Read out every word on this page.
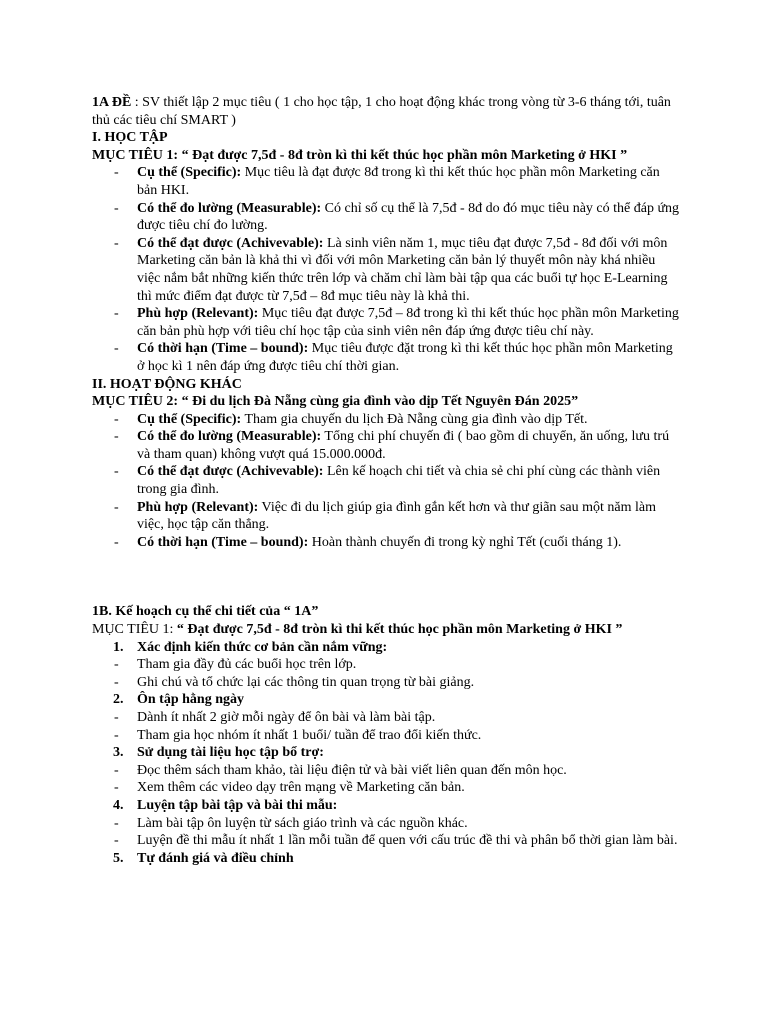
1A ĐỀ : SV thiết lập 2 mục tiêu ( 1 cho học tập, 1 cho hoạt động khác trong vòng từ 3-6 tháng tới, tuân thủ các tiêu chí SMART )

I. HỌC TẬP

MỤC TIÊU 1: “ Đạt được 7,5đ - 8đ tròn kì thi kết thúc học phần môn Marketing ở HKI ”

- Cụ thể (Specific): Mục tiêu là đạt được 8đ trong kì thi kết thúc học phần môn Marketing căn bản HKI.
- Có thể đo lường (Measurable): Có chỉ số cụ thể là 7,5đ - 8đ do đó mục tiêu này có thể đáp ứng được tiêu chí đo lường.
- Có thể đạt được (Achivevable): Là sinh viên năm 1, mục tiêu đạt được 7,5đ - 8đ đối với môn Marketing căn bản là khả thi vì đối với môn Marketing căn bản lý thuyết môn này khá nhiều việc nắm bắt những kiến thức trên lớp và chăm chỉ làm bài tập qua các buổi tự học E-Learning thì mức điểm đạt được từ 7,5đ – 8đ mục tiêu này là khả thi.
- Phù hợp (Relevant): Mục tiêu đạt được 7,5đ – 8đ trong kì thi kết thúc học phần môn Marketing căn bản phù hợp với tiêu chí học tập của sinh viên nên đáp ứng được tiêu chí này.
- Có thời hạn (Time – bound): Mục tiêu được đặt trong kì thi kết thúc học phần môn Marketing ở học kì 1 nên đáp ứng được tiêu chí thời gian.

II. HOẠT ĐỘNG KHÁC

MỤC TIÊU 2: “ Đi du lịch Đà Nẵng cùng gia đình vào dịp Tết Nguyên Đán 2025”

- Cụ thể (Specific): Tham gia chuyến du lịch Đà Nẵng cùng gia đình vào dịp Tết.
- Có thể đo lường (Measurable): Tổng chi phí chuyến đi ( bao gồm di chuyển, ăn uống, lưu trú và tham quan) không vượt quá 15.000.000đ.
- Có thể đạt được (Achivevable): Lên kế hoạch chi tiết và chia sẻ chi phí cùng các thành viên trong gia đình.
- Phù hợp (Relevant): Việc đi du lịch giúp gia đình gắn kết hơn và thư giãn sau một năm làm việc, học tập căn thẳng.
- Có thời hạn (Time – bound): Hoàn thành chuyến đi trong kỳ nghỉ Tết (cuối tháng 1).

1B. Kế hoạch cụ thể chi tiết của “ 1A”

MỤC TIÊU 1: “ Đạt được 7,5đ - 8đ tròn kì thi kết thúc học phần môn Marketing ở HKI ”

1. Xác định kiến thức cơ bản cần nắm vững:
- Tham gia đầy đủ các buổi học trên lớp.
- Ghi chú và tổ chức lại các thông tin quan trọng từ bài giảng.
2. Ôn tập hằng ngày
- Dành ít nhất 2 giờ mỗi ngày để ôn bài và làm bài tập.
- Tham gia học nhóm ít nhất 1 buổi/ tuần để trao đổi kiến thức.
3. Sử dụng tài liệu học tập bổ trợ:
- Đọc thêm sách tham khảo, tài liệu điện tử và bài viết liên quan đến môn học.
- Xem thêm các video dạy trên mạng về Marketing căn bản.
4. Luyện tập bài tập và bài thi mẫu:
- Làm bài tập ôn luyện từ sách giáo trình và các nguồn khác.
- Luyện đề thi mẫu ít nhất 1 lần mỗi tuần để quen với cấu trúc đề thi và phân bổ thời gian làm bài.
5. Tự đánh giá và điều chỉnh
